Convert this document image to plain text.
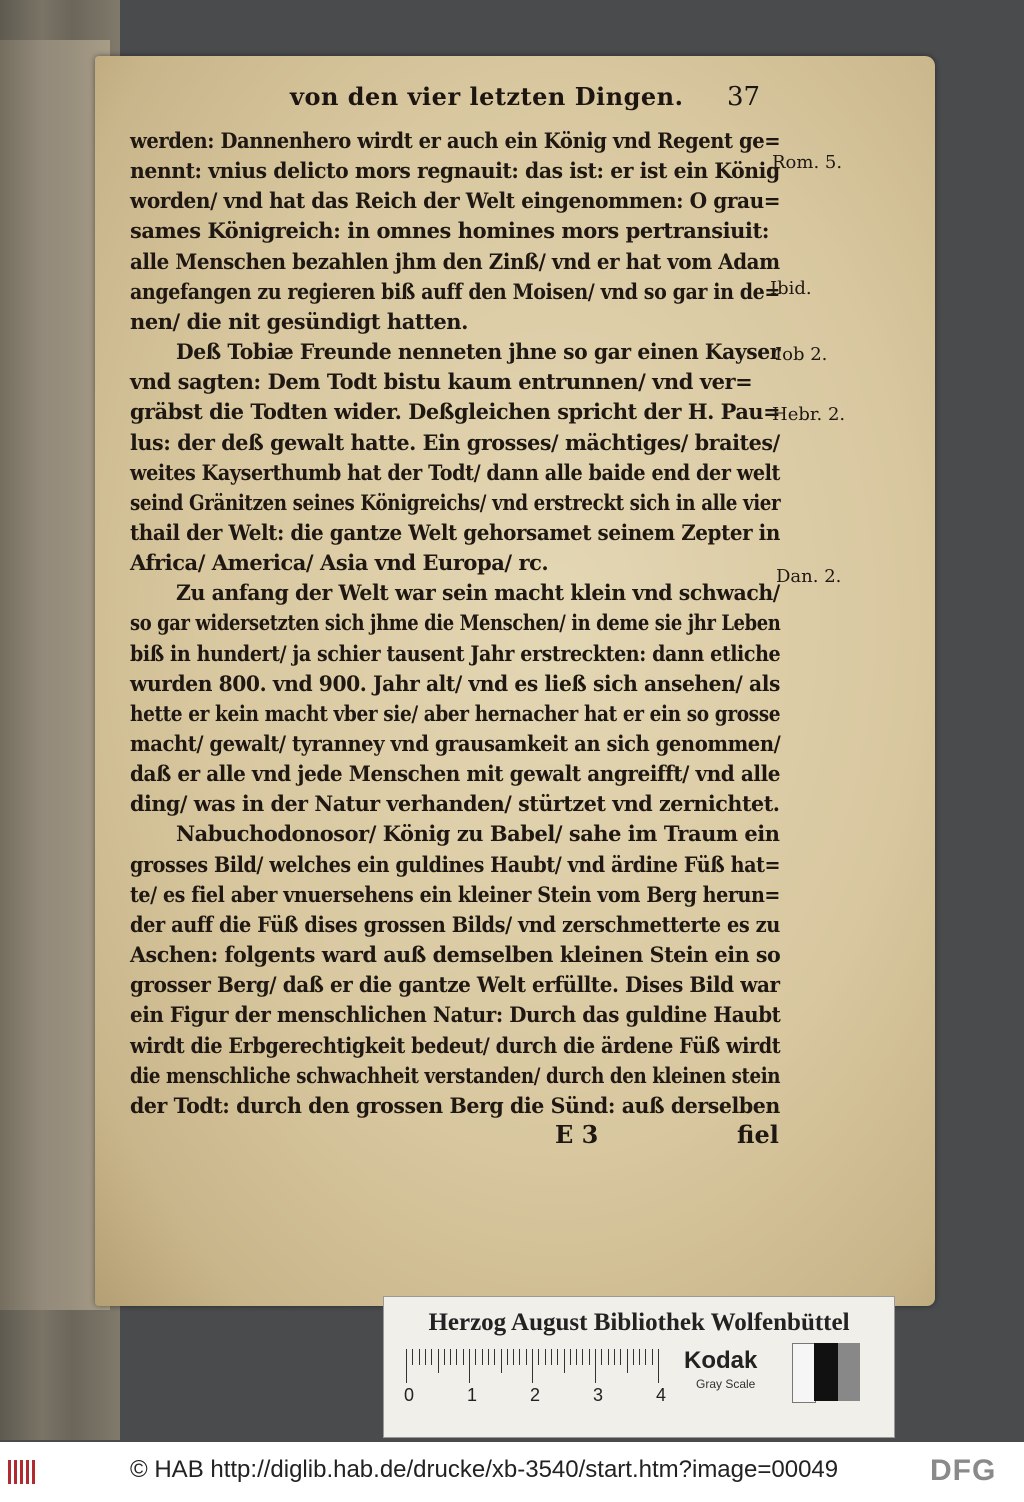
von den vier letzten Dingen. 37
werden: Dannenhero wirdt er auch ein König vnd Regent ge=
nennt: vnius delicto mors regnauit: das ist: er ist ein König
worden/ vnd hat das Reich der Welt eingenommen: O grau=
sames Königreich: in omnes homines mors pertransiuit:
alle Menschen bezahlen jhm den Zinß/ vnd er hat vom Adam
angefangen zu regieren biß auff den Moisen/ vnd so gar in de=
nen/ die nit gesündigt hatten.
Deß Tobiæ Freunde nenneten jhne so gar einen Kayser
vnd sagten: Dem Todt bistu kaum entrunnen/ vnd ver=
gräbst die Todten wider. Deßgleichen spricht der H. Pau=
lus: der deß gewalt hatte. Ein grosses/ mächtiges/ braites/
weites Kayserthumb hat der Todt/ dann alle baide end der welt
seind Gränitzen seines Königreichs/ vnd erstreckt sich in alle vier
thail der Welt: die gantze Welt gehorsamet seinem Zepter in
Africa/ America/ Asia vnd Europa/ rc.
Zu anfang der Welt war sein macht klein vnd schwach/
so gar widersetzten sich jhme die Menschen/ in deme sie jhr Leben
biß in hundert/ ja schier tausent Jahr erstreckten: dann etliche
wurden 800. vnd 900. Jahr alt/ vnd es ließ sich ansehen/ als
hette er kein macht vber sie/ aber hernacher hat er ein so grosse
macht/ gewalt/ tyranney vnd grausamkeit an sich genommen/
daß er alle vnd jede Menschen mit gewalt angreifft/ vnd alle
ding/ was in der Natur verhanden/ stürtzet vnd zernichtet.
Nabuchodonosor/ König zu Babel/ sahe im Traum ein
grosses Bild/ welches ein guldines Haubt/ vnd ärdine Füß hat=
te/ es fiel aber vnuersehens ein kleiner Stein vom Berg herun=
der auff die Füß dises grossen Bilds/ vnd zerschmetterte es zu
Aschen: folgents ward auß demselben kleinen Stein ein so
grosser Berg/ daß er die gantze Welt erfüllte. Dises Bild war
ein Figur der menschlichen Natur: Durch das guldine Haubt
wirdt die Erbgerechtigkeit bedeut/ durch die ärdene Füß wirdt
die menschliche schwachheit verstanden/ durch den kleinen stein
der Todt: durch den grossen Berg die Sünd: auß derselben
Rom. 5.
Ibid.
Iob 2.
Hebr. 2.
Dan. 2.
E 3	fiel
Herzog August Bibliothek Wolfenbüttel
0	1	2	3	4
Kodak
Gray Scale
© HAB http://diglib.hab.de/drucke/xb-3540/start.htm?image=00049	DFG
